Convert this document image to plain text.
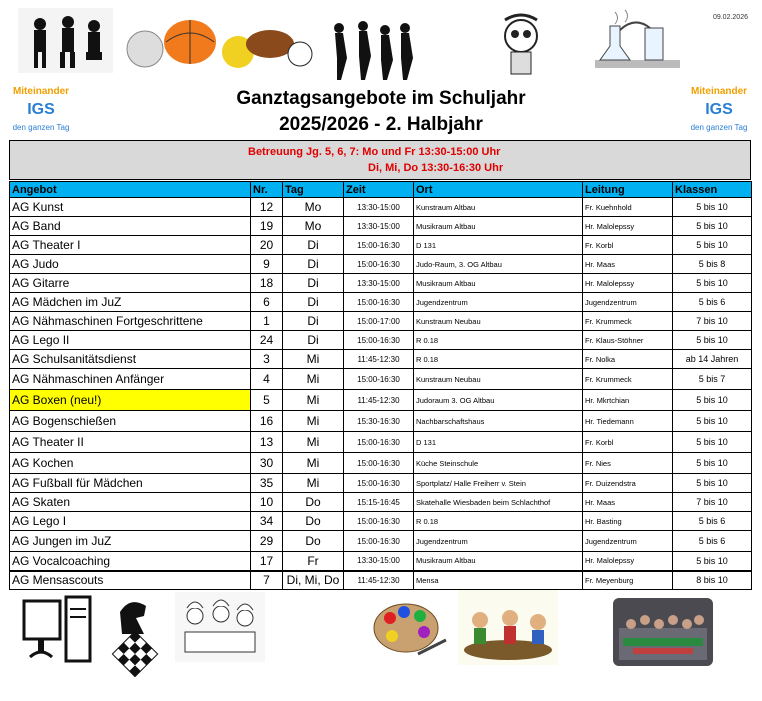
09.02.2026
Miteinander
IGS
den ganzen Tag
Miteinander
IGS
den ganzen Tag
Ganztagsangebote im Schuljahr
2025/2026 - 2. Halbjahr
Betreuung Jg. 5, 6, 7: Mo und Fr 13:30-15:00 Uhr
Di, Mi, Do 13:30-16:30 Uhr
Angebot	Nr.	Tag	Zeit	Ort	Leitung	Klassen
AG Kunst	12	Mo	13:30-15:00	Kunstraum Altbau	Fr. Kuehnhold	5 bis 10
AG Band	19	Mo	13:30-15:00	Musikraum Altbau	Hr. Malolepssy	5 bis 10
AG Theater I	20	Di	15:00-16:30	D 131	Fr. Korbl	5 bis 10
AG Judo	9	Di	15:00-16:30	Judo-Raum, 3. OG Altbau	Hr. Maas	5 bis 8
AG Gitarre	18	Di	13:30-15:00	Musikraum Altbau	Hr. Malolepssy	5 bis 10
AG Mädchen im JuZ	6	Di	15:00-16:30	Jugendzentrum	Jugendzentrum	5 bis 6
AG Nähmaschinen Fortgeschrittene	1	Di	15:00-17:00	Kunstraum Neubau	Fr. Krummeck	7 bis 10
AG Lego II	24	Di	15:00-16:30	R 0.18	Fr. Klaus-Stöhner	5 bis 10
AG Schulsanitätsdienst	3	Mi	11:45-12:30	R 0.18	Fr. Nolka	ab 14 Jahren
AG Nähmaschinen Anfänger	4	Mi	15:00-16:30	Kunstraum Neubau	Fr. Krummeck	5 bis 7
AG Boxen (neu!)	5	Mi	11:45-12:30	Judoraum 3. OG Altbau	Hr. Mkrtchian	5 bis 10
AG Bogenschießen	16	Mi	15:30-16:30	Nachbarschaftshaus	Hr. Tiedemann	5 bis 10
AG Theater II	13	Mi	15:00-16:30	D 131	Fr. Korbl	5 bis 10
AG Kochen	30	Mi	15:00-16:30	Küche Steinschule	Fr. Nies	5 bis 10
AG Fußball für Mädchen	35	Mi	15:00-16:30	Sportplatz/ Halle Freiherr v. Stein	Fr. Duizendstra	5 bis 10
AG Skaten	10	Do	15:15-16:45	Skatehalle Wiesbaden beim Schlachthof	Hr. Maas	7 bis 10
AG Lego I	34	Do	15:00-16:30	R 0.18	Hr. Basting	5 bis 6
AG Jungen im JuZ	29	Do	15:00-16:30	Jugendzentrum	Jugendzentrum	5 bis 6
AG Vocalcoaching	17	Fr	13:30-15:00	Musikraum Altbau	Hr. Malolepssy	5 bis 10
AG Mensascouts	7	Di, Mi, Do	11:45-12:30	Mensa	Fr. Meyenburg	8 bis 10
